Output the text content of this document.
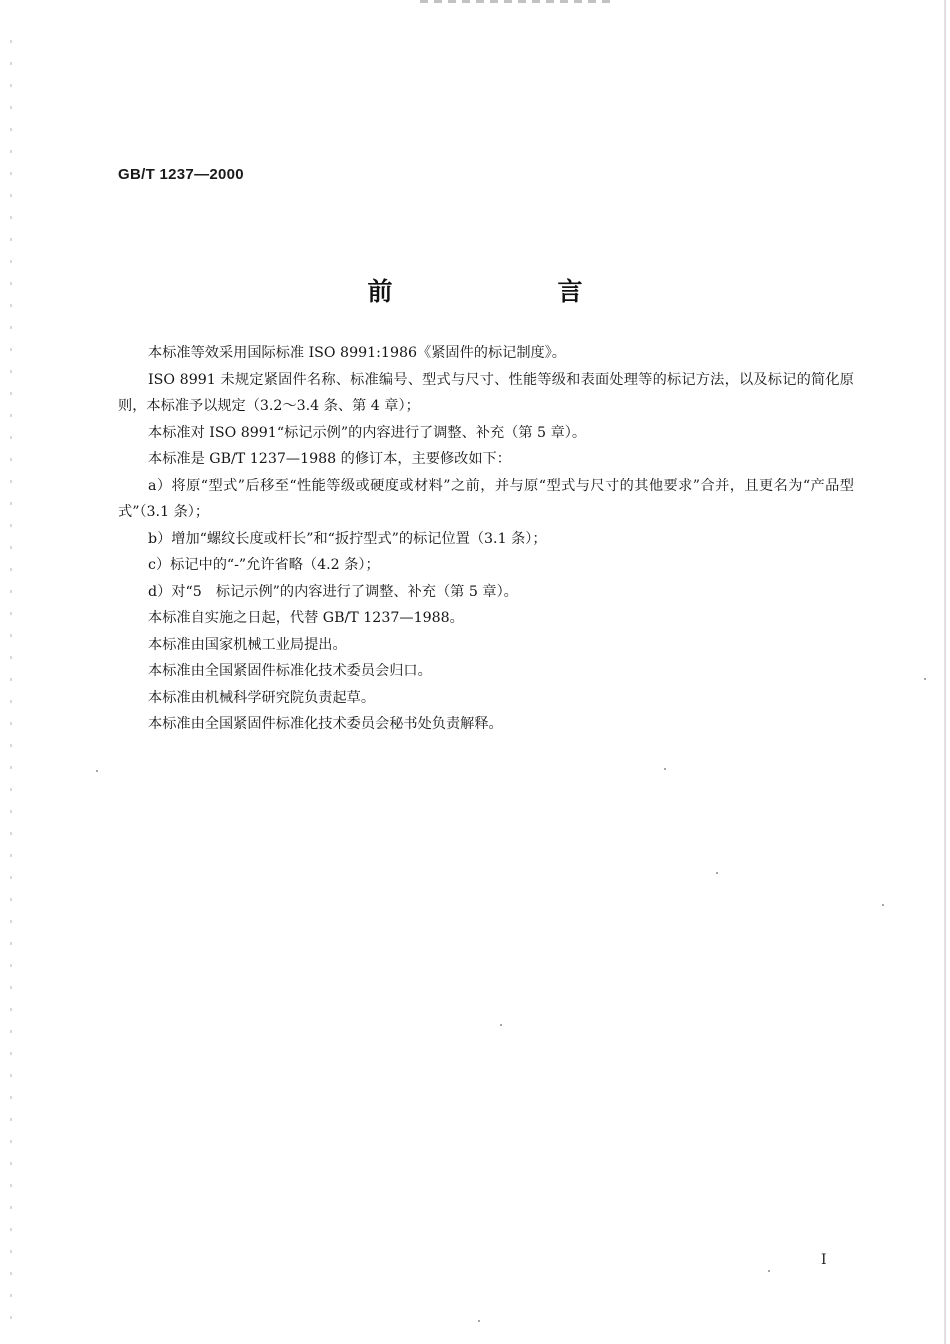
GB/T 1237—2000
前　言

本标准等效采用国际标准 ISO 8991:1986《紧固件的标记制度》。

ISO 8991 未规定紧固件名称、标准编号、型式与尺寸、性能等级和表面处理等的标记方法，以及标记的简化原则，本标准予以规定（3.2～3.4 条、第 4 章）；

本标准对 ISO 8991“标记示例”的内容进行了调整、补充（第 5 章）。

本标准是 GB/T 1237—1988 的修订本，主要修改如下：

a）将原“型式”后移至“性能等级或硬度或材料”之前，并与原“型式与尺寸的其他要求”合并，且更名为“产品型式”（3.1 条）；

b）增加“螺纹长度或杆长”和“扳拧型式”的标记位置（3.1 条）；

c）标记中的“-”允许省略（4.2 条）；

d）对“5　标记示例”的内容进行了调整、补充（第 5 章）。

本标准自实施之日起，代替 GB/T 1237—1988。

本标准由国家机械工业局提出。

本标准由全国紧固件标准化技术委员会归口。

本标准由机械科学研究院负责起草。

本标准由全国紧固件标准化技术委员会秘书处负责解释。

I
